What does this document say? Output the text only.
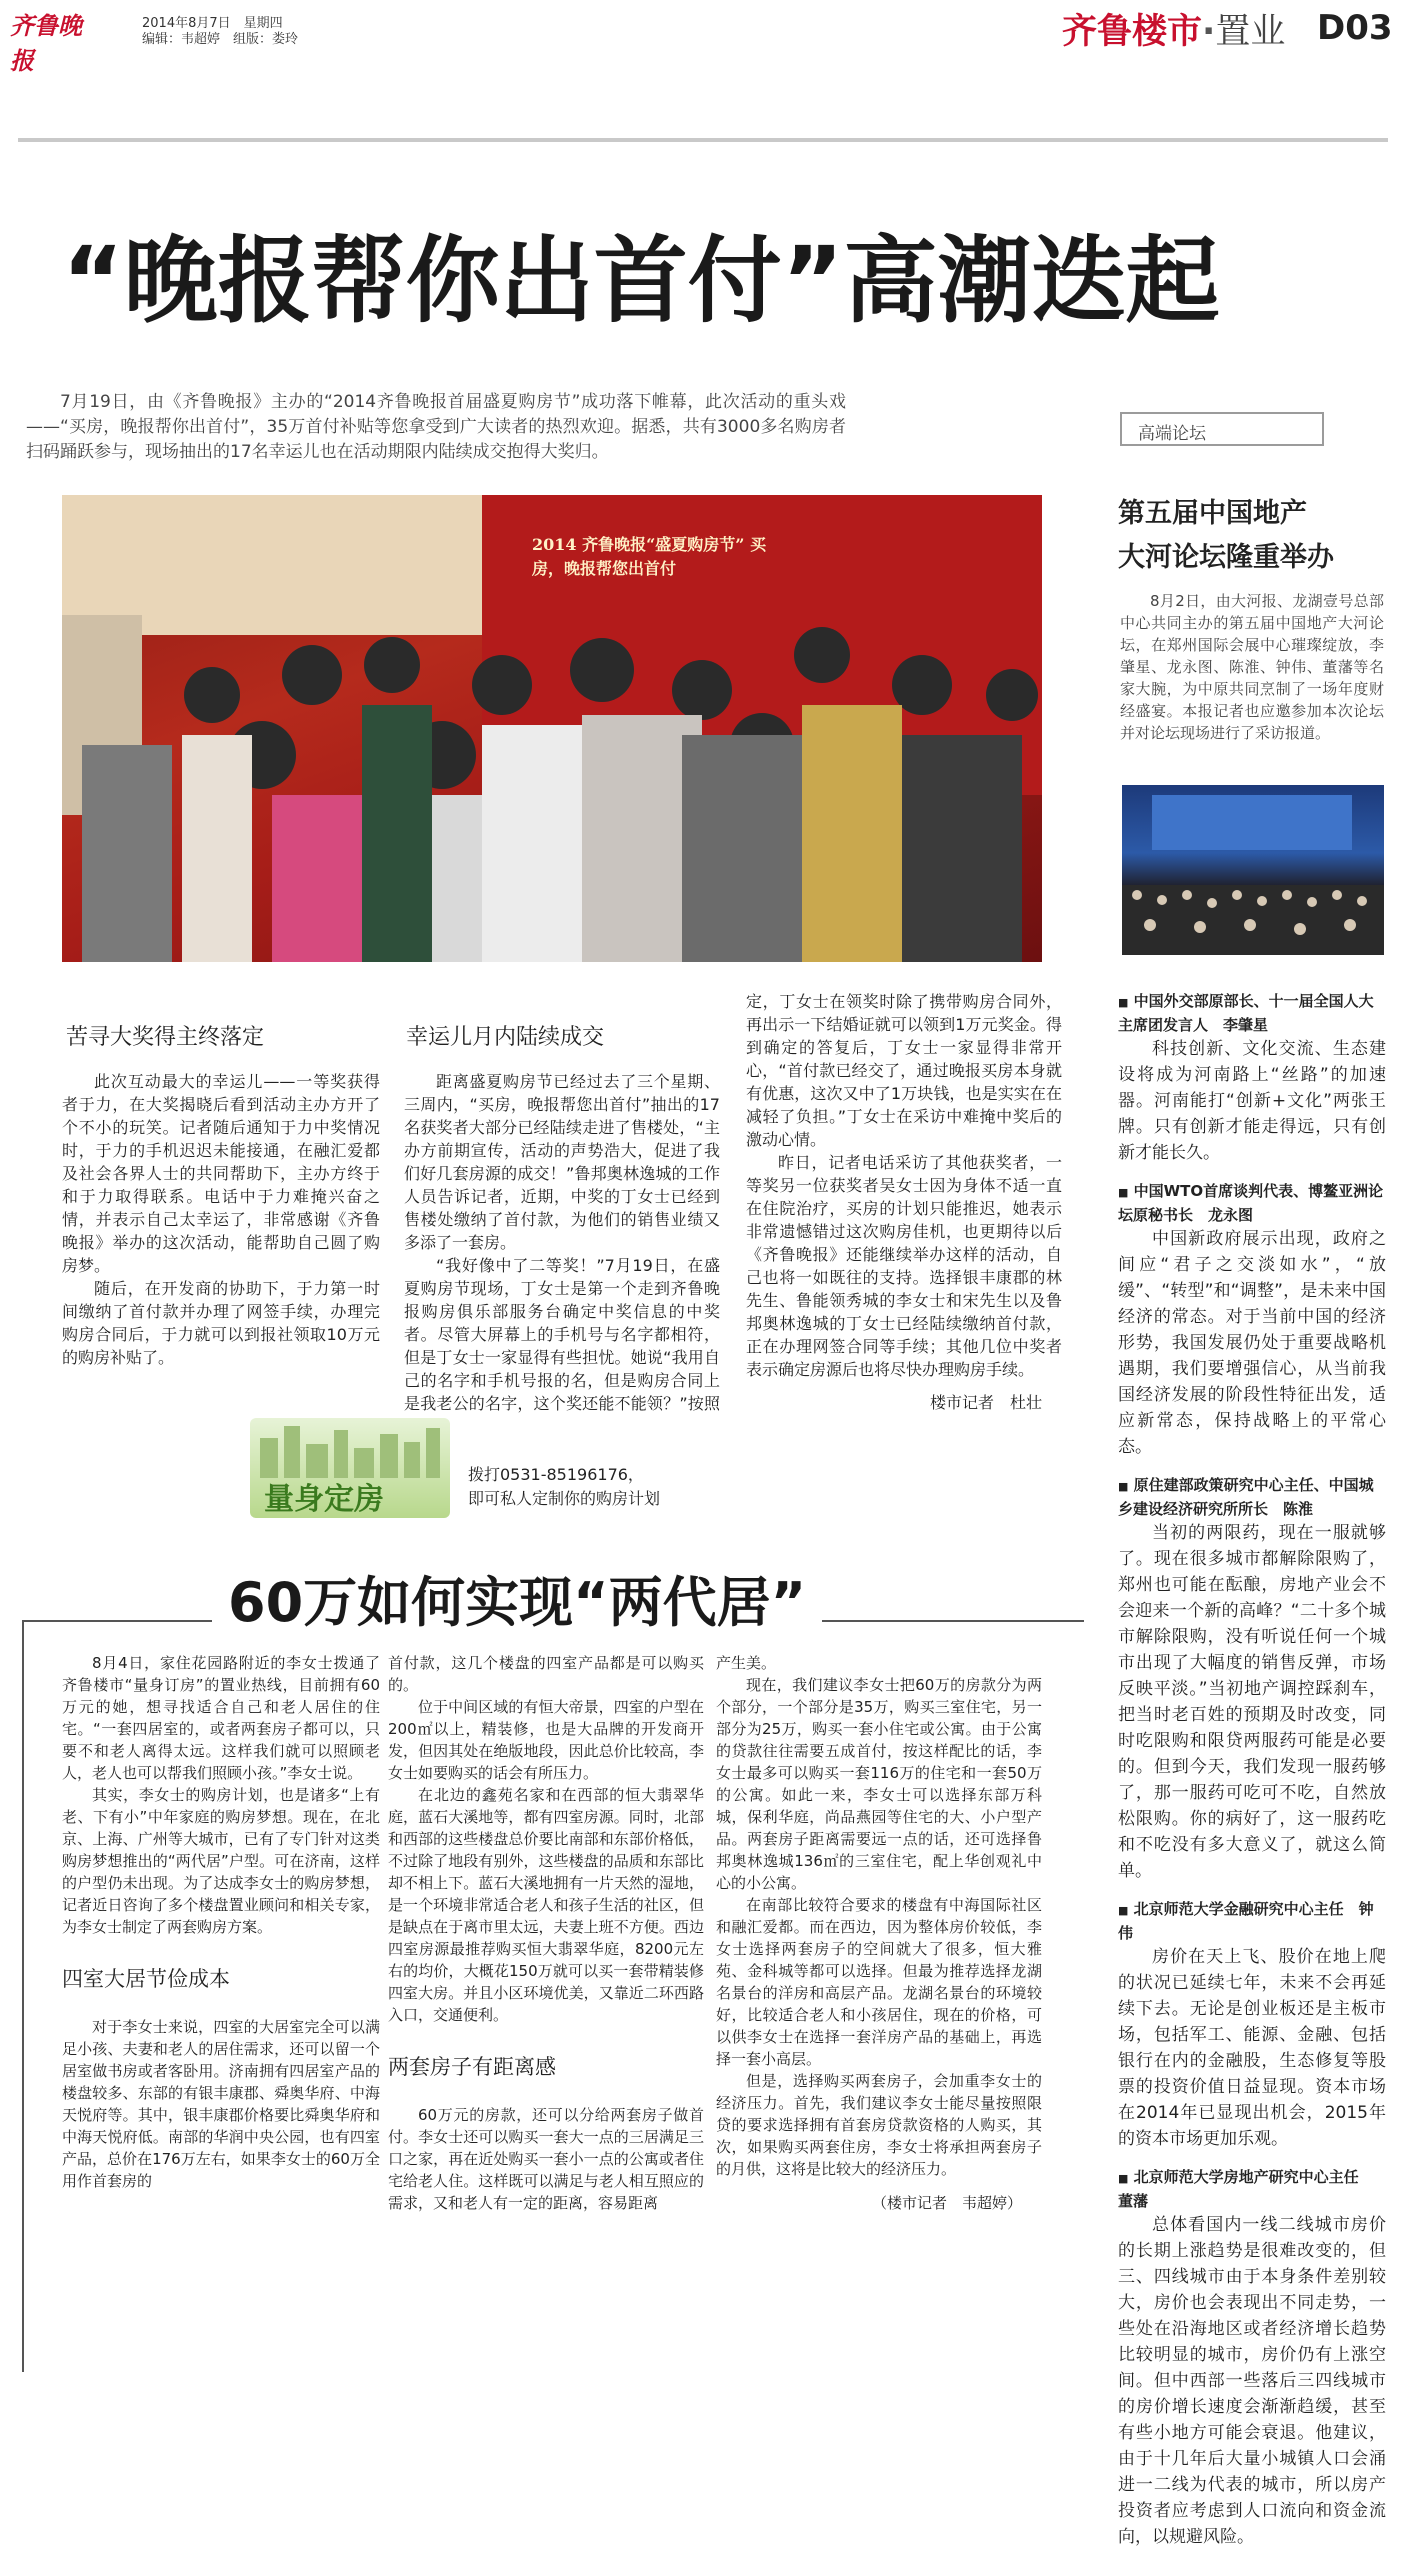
齐鲁晚报
2014年8月7日　星期四
编辑：韦超婷　组版：娄玲	齐鲁楼市·置业 D03
“晚报帮你出首付”高潮迭起

7月19日，由《齐鲁晚报》主办的“2014齐鲁晚报首届盛夏购房节”成功落下帷幕，此次活动的重头戏——“买房，晚报帮你出首付”，35万首付补贴等您拿受到广大读者的热烈欢迎。据悉，共有3000多名购房者扫码踊跃参与，现场抽出的17名幸运儿也在活动期限内陆续成交抱得大奖归。

2014 齐鲁晚报“盛夏购房节” 买房，晚报帮您出首付
苦寻大奖得主终落定

此次互动最大的幸运儿——一等奖获得者于力，在大奖揭晓后看到活动主办方开了个不小的玩笑。记者随后通知于力中奖情况时，于力的手机迟迟未能接通，在融汇爱都及社会各界人士的共同帮助下，主办方终于和于力取得联系。电话中于力难掩兴奋之情，并表示自己太幸运了，非常感谢《齐鲁晚报》举办的这次活动，能帮助自己圆了购房梦。

随后，在开发商的协助下，于力第一时间缴纳了首付款并办理了网签手续，办理完购房合同后，于力就可以到报社领取10万元的购房补贴了。

幸运儿月内陆续成交

距离盛夏购房节已经过去了三个星期、三周内，“买房，晚报帮您出首付”抽出的17名获奖者大部分已经陆续走进了售楼处，“主办方前期宣传，活动的声势浩大，促进了我们好几套房源的成交！”鲁邦奥林逸城的工作人员告诉记者，近期，中奖的丁女士已经到售楼处缴纳了首付款，为他们的销售业绩又多添了一套房。

“我好像中了二等奖！”7月19日，在盛夏购房节现场，丁女士是第一个走到齐鲁晚报购房俱乐部服务台确定中奖信息的中奖者。尽管大屏幕上的手机号与名字都相符，但是丁女士一家显得有些担忧。她说“我用自己的名字和手机号报的名，但是购房合同上是我老公的名字，这个奖还能不能领？”按照

定，丁女士在领奖时除了携带购房合同外，再出示一下结婚证就可以领到1万元奖金。得到确定的答复后，丁女士一家显得非常开心，“首付款已经交了，通过晚报买房本身就有优惠，这次又中了1万块钱，也是实实在在减轻了负担。”丁女士在采访中难掩中奖后的激动心情。

昨日，记者电话采访了其他获奖者，一等奖另一位获奖者吴女士因为身体不适一直在住院治疗，买房的计划只能推迟，她表示非常遗憾错过这次购房佳机，也更期待以后《齐鲁晚报》还能继续举办这样的活动，自己也将一如既往的支持。选择银丰康郡的林先生、鲁能领秀城的李女士和宋先生以及鲁邦奥林逸城的丁女士已经陆续缴纳首付款，正在办理网签合同等手续；其他几位中奖者表示确定房源后也将尽快办理购房手续。

楼市记者　杜壮
高端论坛
第五届中国地产
大河论坛隆重举办

8月2日，由大河报、龙湖壹号总部中心共同主办的第五届中国地产大河论坛，在郑州国际会展中心璀璨绽放，李肇星、龙永图、陈淮、钟伟、董藩等名家大腕，为中原共同烹制了一场年度财经盛宴。本报记者也应邀参加本次论坛并对论坛现场进行了采访报道。

■ 中国外交部原部长、十一届全国人大主席团发言人　李肇星

科技创新、文化交流、生态建设将成为河南路上“丝路”的加速器。河南能打“创新+文化”两张王牌。只有创新才能走得远，只有创新才能长久。

■ 中国WTO首席谈判代表、博鳌亚洲论坛原秘书长　龙永图

中国新政府展示出现，政府之间应“君子之交淡如水”，“放缓”、“转型”和“调整”，是未来中国经济的常态。对于当前中国的经济形势，我国发展仍处于重要战略机遇期，我们要增强信心，从当前我国经济发展的阶段性特征出发，适应新常态，保持战略上的平常心态。

■ 原住建部政策研究中心主任、中国城乡建设经济研究所所长　陈淮

当初的两限药，现在一服就够了。现在很多城市都解除限购了，郑州也可能在酝酿，房地产业会不会迎来一个新的高峰？“二十多个城市解除限购，没有听说任何一个城市出现了大幅度的销售反弹，市场反映平淡。”当初地产调控踩刹车，把当时老百姓的预期及时改变，同时吃限购和限贷两服药可能是必要的。但到今天，我们发现一服药够了，那一服药可吃可不吃，自然放松限购。你的病好了，这一服药吃和不吃没有多大意义了，就这么简单。

■ 北京师范大学金融研究中心主任　钟伟

房价在天上飞、股价在地上爬的状况已延续七年，未来不会再延续下去。无论是创业板还是主板市场，包括军工、能源、金融、包括银行在内的金融股，生态修复等股票的投资价值日益显现。资本市场在2014年已显现出机会，2015年的资本市场更加乐观。

■ 北京师范大学房地产研究中心主任　董藩

总体看国内一线二线城市房价的长期上涨趋势是很难改变的，但三、四线城市由于本身条件差别较大，房价也会表现出不同走势，一些处在沿海地区或者经济增长趋势比较明显的城市，房价仍有上涨空间。但中西部一些落后三四线城市的房价增长速度会渐渐趋缓，甚至有些小地方可能会衰退。他建议，由于十几年后大量小城镇人口会涌进一二线为代表的城市，所以房产投资者应考虑到人口流向和资金流向，以规避风险。

量身定房
拨打0531-85196176，
即可私人定制你的购房计划
60万如何实现“两代居”

8月4日，家住花园路附近的李女士拨通了齐鲁楼市“量身订房”的置业热线，目前拥有60万元的她，想寻找适合自己和老人居住的住宅。“一套四居室的，或者两套房子都可以，只要不和老人离得太远。这样我们就可以照顾老人，老人也可以帮我们照顾小孩。”李女士说。

其实，李女士的购房计划，也是诸多“上有老、下有小”中年家庭的购房梦想。现在，在北京、上海、广州等大城市，已有了专门针对这类购房梦想推出的“两代居”户型。可在济南，这样的户型仍未出现。为了达成李女士的购房梦想，记者近日咨询了多个楼盘置业顾问和相关专家，为李女士制定了两套购房方案。

四室大居节俭成本

对于李女士来说，四室的大居室完全可以满足小孩、夫妻和老人的居住需求，还可以留一个居室做书房或者客卧用。济南拥有四居室产品的楼盘较多、东部的有银丰康郡、舜奥华府、中海天悦府等。其中，银丰康郡价格要比舜奥华府和中海天悦府低。南部的华润中央公园，也有四室产品，总价在176万左右，如果李女士的60万全用作首套房的

首付款，这几个楼盘的四室产品都是可以购买的。

位于中间区域的有恒大帝景，四室的户型在200㎡以上，精装修，也是大品牌的开发商开发，但因其处在绝版地段，因此总价比较高，李女士如要购买的话会有所压力。

在北边的鑫苑名家和在西部的恒大翡翠华庭，蓝石大溪地等，都有四室房源。同时，北部和西部的这些楼盘总价要比南部和东部价格低，不过除了地段有别外，这些楼盘的品质和东部比却不相上下。蓝石大溪地拥有一片天然的湿地，是一个环境非常适合老人和孩子生活的社区，但是缺点在于离市里太远，夫妻上班不方便。西边四室房源最推荐购买恒大翡翠华庭，8200元左右的均价，大概花150万就可以买一套带精装修四室大房。并且小区环境优美，又靠近二环西路入口，交通便利。

两套房子有距离感

60万元的房款，还可以分给两套房子做首付。李女士还可以购买一套大一点的三居满足三口之家，再在近处购买一套小一点的公寓或者住宅给老人住。这样既可以满足与老人相互照应的需求，又和老人有一定的距离，容易距离

产生美。

现在，我们建议李女士把60万的房款分为两个部分，一个部分是35万，购买三室住宅，另一部分为25万，购买一套小住宅或公寓。由于公寓的贷款往往需要五成首付，按这样配比的话，李女士最多可以购买一套116万的住宅和一套50万的公寓。如此一来，李女士可以选择东部万科城，保利华庭，尚品燕园等住宅的大、小户型产品。两套房子距离需要远一点的话，还可选择鲁邦奥林逸城136㎡的三室住宅，配上华创观礼中心的小公寓。

在南部比较符合要求的楼盘有中海国际社区和融汇爱都。而在西边，因为整体房价较低，李女士选择两套房子的空间就大了很多，恒大雅苑、金科城等都可以选择。但最为推荐选择龙湖名景台的洋房和高层产品。龙湖名景台的环境较好，比较适合老人和小孩居住，现在的价格，可以供李女士在选择一套洋房产品的基础上，再选择一套小高层。

但是，选择购买两套房子，会加重李女士的经济压力。首先，我们建议李女士能尽量按照限贷的要求选择拥有首套房贷款资格的人购买，其次，如果购买两套住房，李女士将承担两套房子的月供，这将是比较大的经济压力。

（楼市记者　韦超婷）
